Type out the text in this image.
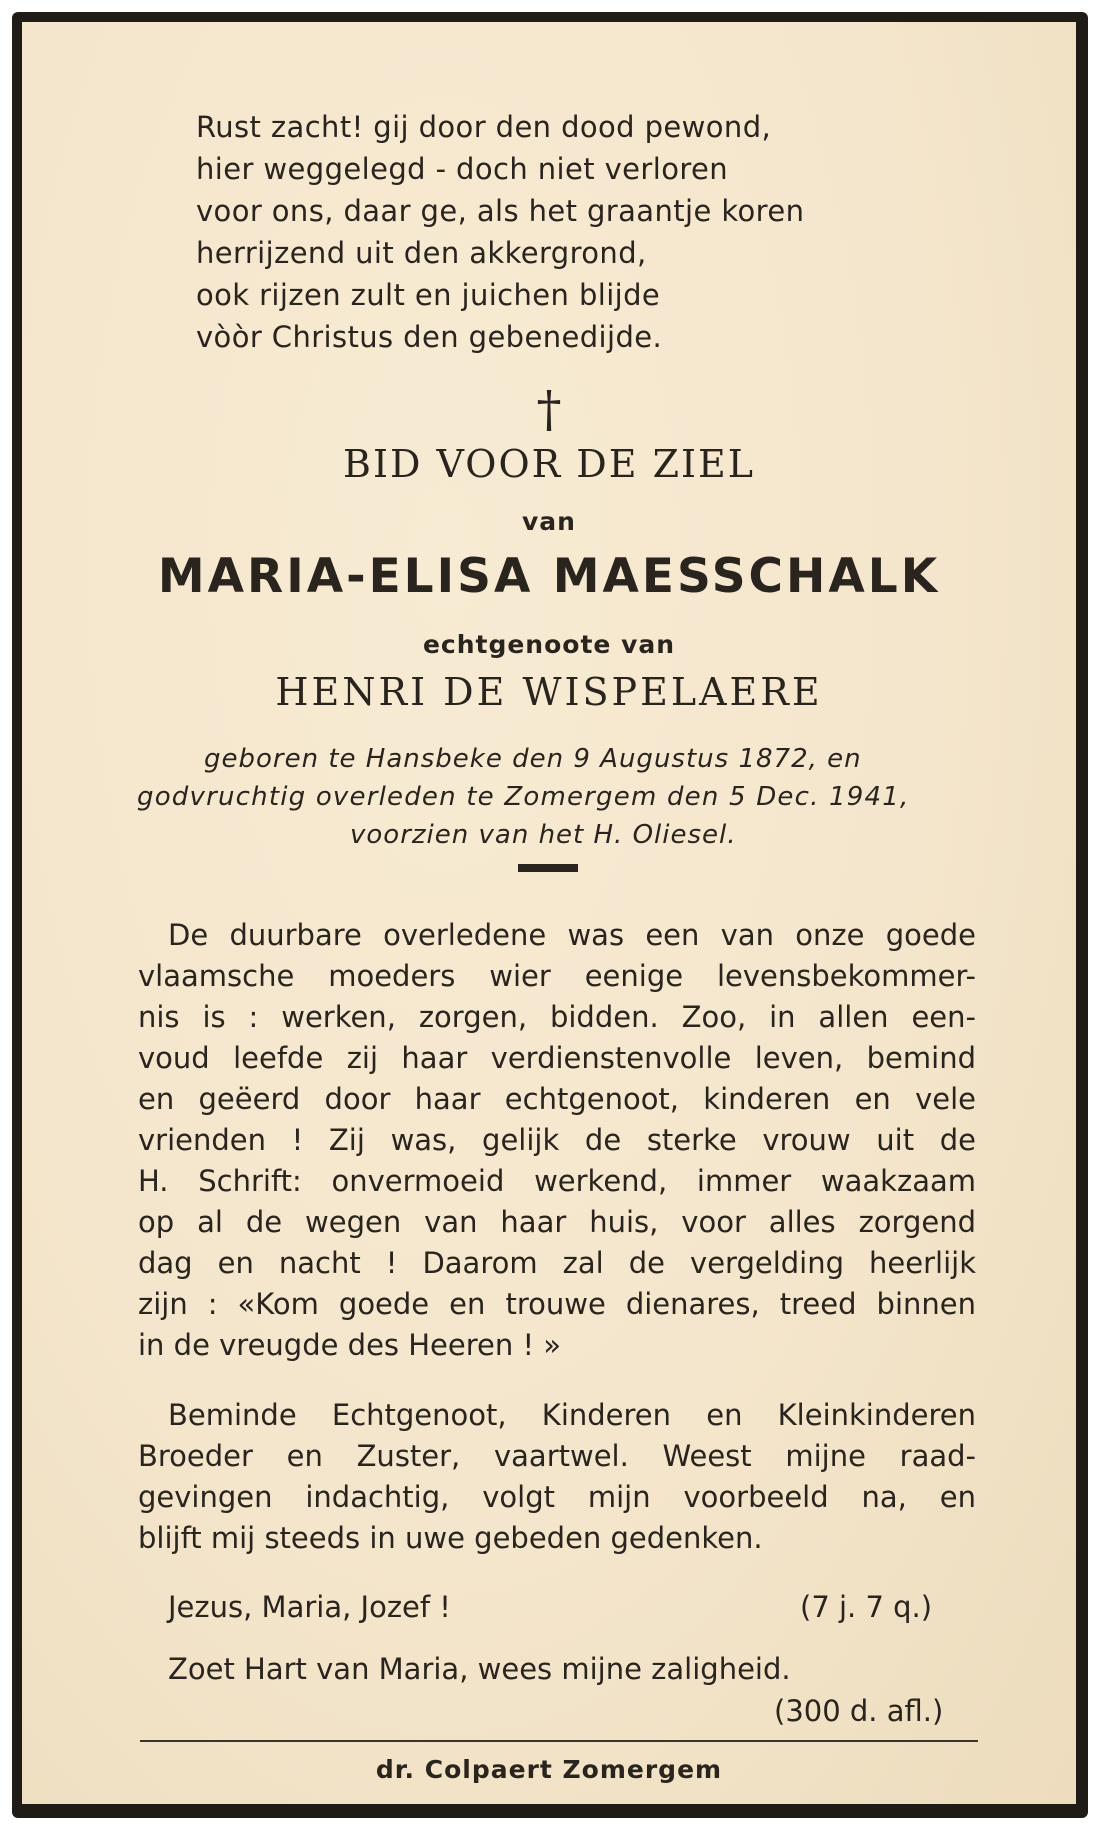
Rust zacht! gij door den dood pewond,
hier weggelegd - doch niet verloren
voor ons, daar ge, als het graantje koren
herrijzend uit den akkergrond,
ook rijzen zult en juichen blijde
vòòr Christus den gebenedijde.
†
BID VOOR DE ZIEL
van
MARIA-ELISA MAESSCHALK
echtgenoote van
HENRI DE WISPELAERE
geboren te Hansbeke den 9 Augustus 1872, en
godvruchtig overleden te Zomergem den 5 Dec. 1941,
voorzien van het H. Oliesel.
De duurbare overledene was een van onze goede
vlaamsche moeders wier eenige levensbekommer-
nis is : werken, zorgen, bidden. Zoo, in allen een-
voud leefde zij haar verdienstenvolle leven, bemind
en geëerd door haar echtgenoot, kinderen en vele
vrienden ! Zij was, gelijk de sterke vrouw uit de
H. Schrift: onvermoeid werkend, immer waakzaam
op al de wegen van haar huis, voor alles zorgend
dag en nacht ! Daarom zal de vergelding heerlijk
zijn : «Kom goede en trouwe dienares, treed binnen
in de vreugde des Heeren ! »
Beminde Echtgenoot, Kinderen en Kleinkinderen
Broeder en Zuster, vaartwel. Weest mijne raad-
gevingen indachtig, volgt mijn voorbeeld na, en
blijft mij steeds in uwe gebeden gedenken.
Jezus, Maria, Jozef !	(7 j. 7 q.)
Zoet Hart van Maria, wees mijne zaligheid.
(300 d. afl.)
dr. Colpaert Zomergem
